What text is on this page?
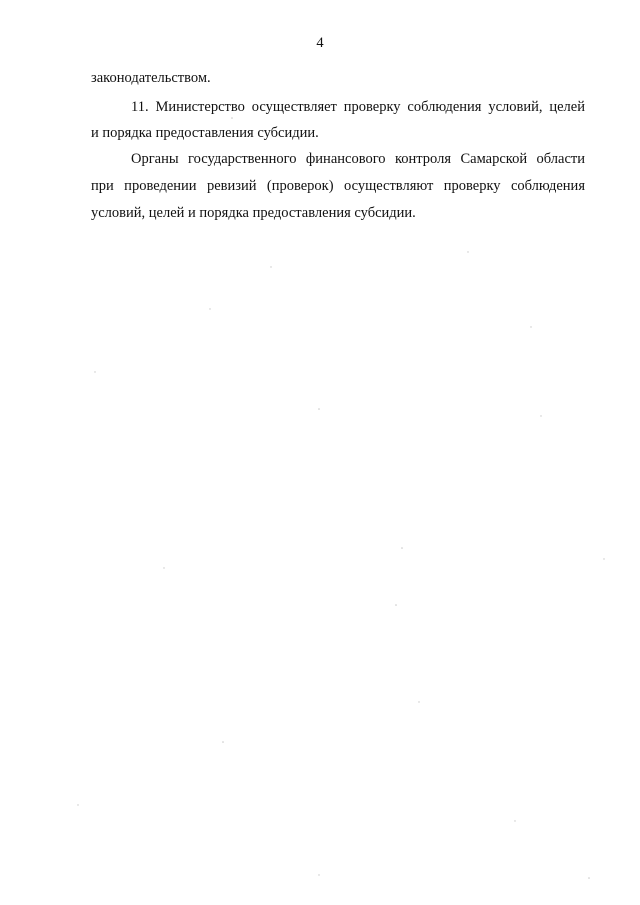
4
законодательством.
11. Министерство осуществляет проверку соблюдения условий, целей
и порядка предоставления субсидии.
Органы государственного финансового контроля Самарской области
при проведении ревизий (проверок) осуществляют проверку соблюдения
условий, целей и порядка предоставления субсидии.
